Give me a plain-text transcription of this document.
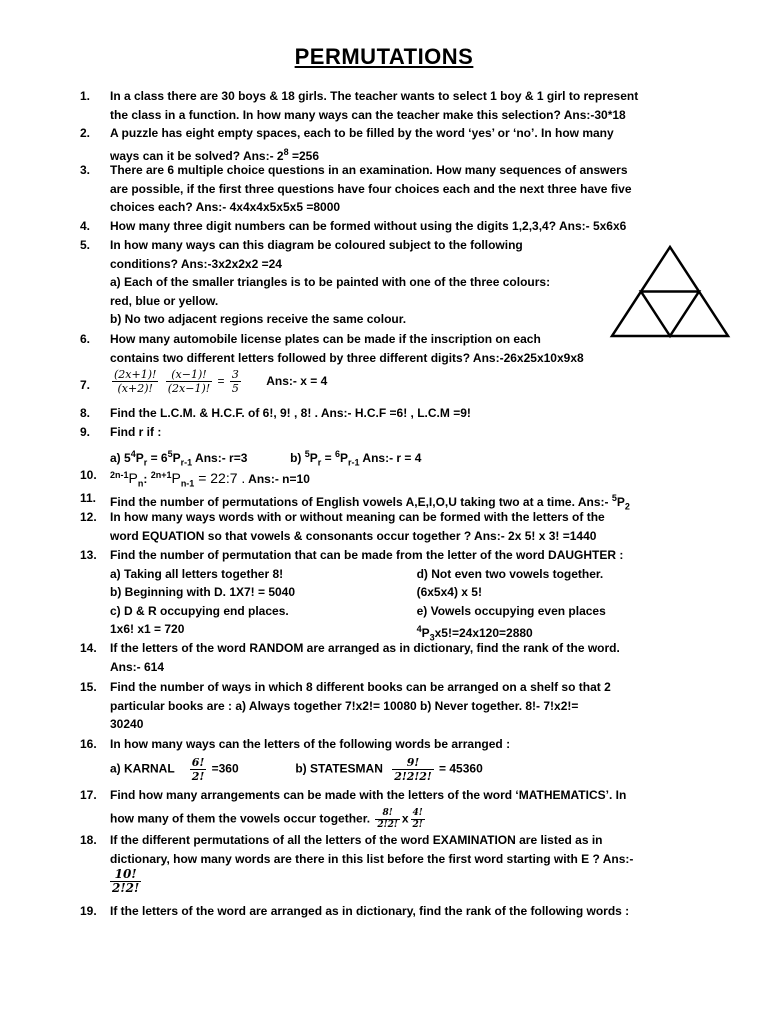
PERMUTATIONS
1.	In a class there are 30 boys & 18 girls. The teacher wants to select 1 boy & 1 girl to represent
the class in a function. In how many ways can the teacher make this selection? Ans:-30*18
2.	A puzzle has eight empty spaces, each to be filled by the word ‘yes’ or ‘no’. In how many
ways can it be solved? Ans:- $2^8 =256$
3.	There are 6 multiple choice questions in an examination. How many sequences of answers
are possible, if the first three questions have four choices each and the next three have five
choices each? Ans:- 4x4x4x5x5x5 =8000
4.	How many three digit numbers can be formed without using the digits 1,2,3,4? Ans:- 5x6x6
5.	In how many ways can this diagram be coloured subject to the following
conditions? Ans:-3x2x2x2 =24
a) Each of the smaller triangles is to be painted with one of the three colours:
red, blue or yellow.
b) No two adjacent regions receive the same colour.
6.	How many automobile license plates can be made if the inscription on each
contains two different letters followed by three different digits? Ans:-26x25x10x9x8
7.	$\frac{(2x+1)!}{(x+2)!}$
$\frac{(x-1)!}{(2x-1)!} = \frac{3}{5}$ Ans:- x = 4
8.	Find the L.C.M. & H.C.F. of 6!, 9! , 8! . Ans:- H.C.F =6! , L.C.M =9!
9.	Find r if :
a) $5^4P_r = 6^5P_{r-1}$ Ans:- r=3	b) $^5P_r = ^6P_{r-1}$ Ans:- r = 4
10.	$^{2n-1}P_n$: $^{2n+1}P_{n-1}$ = 22:7 . Ans:- n=10
11.	Find the number of permutations of English vowels A,E,I,O,U taking two at a time. Ans:- $^5P_2$
12.	In how many ways words with or without meaning can be formed with the letters of the
word EQUATION so that vowels & consonants occur together ? Ans:- 2x 5! x 3! =1440
13.	Find the number of permutation that can be made from the letter of the word DAUGHTER :
a) Taking all letters together 8!
b) Beginning with D. 1X7! = 5040
c) D & R occupying end places.
1x6! x1 = 720
d) Not even two vowels together.
(6x5x4) x 5!
e) Vowels occupying even places
$^4P_3x5!=24x120=2880$
14.	If the letters of the word RANDOM are arranged as in dictionary, find the rank of the word.
Ans:- 614
15.	Find the number of ways in which 8 different books can be arranged on a shelf so that 2
particular books are : a) Always together 7!x2!= 10080 b) Never together. 8!- 7!x2!=
30240
16.	In how many ways can the letters of the following words be arranged :
a) KARNAL $\frac{6!}{2!} =360$	b) STATESMAN $\frac{9!}{2!2!2!} = 45360$
17.	Find how many arrangements can be made with the letters of the word ‘MATHEMATICS’. In
how many of them the vowels occur together. $\frac{8!}{2!2!}$ x $\frac{4!}{2!}$
18.	If the different permutations of all the letters of the word EXAMINATION are listed as in
dictionary, how many words are there in this list before the first word starting with E ? Ans:-
$\frac{10!}{2!2!}$
19.	If the letters of the word are arranged as in dictionary, find the rank of the following words :
